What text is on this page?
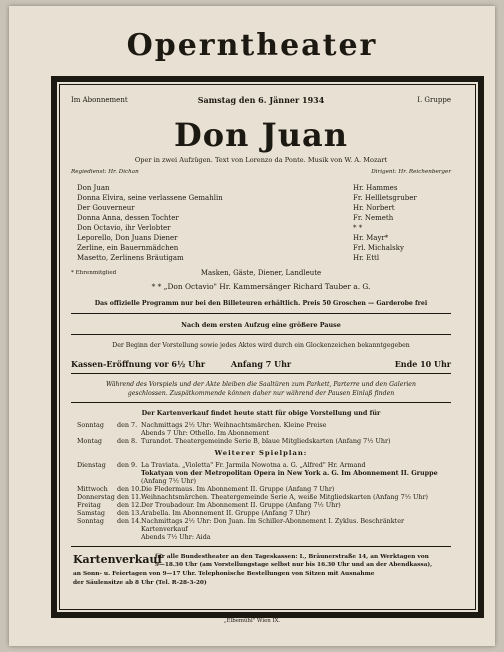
Operntheater
Im Abonnement	Samstag den 6. Jänner 1934	I. Gruppe
Don Juan
Oper in zwei Aufzügen. Text von Lorenzo da Ponte. Musik von W. A. Mozart
Regiedienst: Hr. Dichan	Dirigent: Hr. Reichenberger
Don Juan	Hr. Hammes
Donna Elvira, seine verlassene Gemahlin	Fr. Hellletsgruber
Der Gouverneur	Hr. Norbert
Donna Anna, dessen Tochter	Fr. Nemeth
Don Octavio, ihr Verlobter	* *
Leporello, Don Juans Diener	Hr. Mayr*
Zerline, ein Bauernmädchen	Frl. Michalsky
Masetto, Zerlinens Bräutigam	Hr. Ettl
* Ehrenmitglied	Masken, Gäste, Diener, Landleute
* * „Don Octavio" Hr. Kammersänger Richard Tauber a. G.
Das offizielle Programm nur bei den Billeteuren erhältlich. Preis 50 Groschen — Garderobe frei
Nach dem ersten Aufzug eine größere Pause
Der Beginn der Vorstellung sowie jedes Aktes wird durch ein Glockenzeichen bekanntgegeben
Kassen-Eröffnung vor 6½ Uhr	Anfang 7 Uhr	Ende 10 Uhr
Während des Vorspiels und der Akte bleiben die Saaltüren zum Parkett, Parterre und den Galerien
geschlossen. Zuspätkommende können daher nur während der Pausen Einlaß finden
Der Kartenverkauf findet heute statt für obige Vorstellung und für
Sonntag den 7. Nachmittags 2½ Uhr: Weihnachtsmärchen. Kleine Preise
Abends 7 Uhr: Othello. Im Abonnement
Montag den 8. Turandot. Theatergemeinde Serie B, blaue Mitgliedskarten (Anfang 7½ Uhr)
Weiterer Spielplan:
Dienstag den 9. La Traviata. „Violetta" Fr. Jarmila Nowotna a. G. „Alfred" Hr. Armand
Tokatyan von der Metropolitan Opera in New York a. G. Im Abonnement II. Gruppe
(Anfang 7½ Uhr)
Mittwoch den 10. Die Fledermaus. Im Abonnement II. Gruppe (Anfang 7 Uhr)
Donnerstag den 11. Weihnachtsmärchen. Theatergemeinde Serie A, weiße Mitgliedskarten (Anfang 7½ Uhr)
Freitag	den 12. Der Troubadour. Im Abonnement II. Gruppe (Anfang 7½ Uhr)
Samstag den 13. Arabella. Im Abonnement II. Gruppe (Anfang 7 Uhr)
Sonntag den 14. Nachmittags 2½ Uhr: Don Juan. Im Schiller-Abonnement I. Zyklus. Beschränkter
Kartenverkauf
Abends 7½ Uhr: Aida
Kartenverkauf
für alle Bundestheater an den Tageskassen: I., Bräunerstraße 14, an Werktagen von
9—18.30 Uhr (am Vorstellungstage selbst nur bis 16.30 Uhr und an der Abendkassa),
an Sonn- u. Feiertagen von 9—17 Uhr. Telephonische Bestellungen von Sitzen mit Ausnahme
der Säulensitze ab 8 Uhr (Tel. R-28-3-20)
„Elbemühl" Wien IX.
